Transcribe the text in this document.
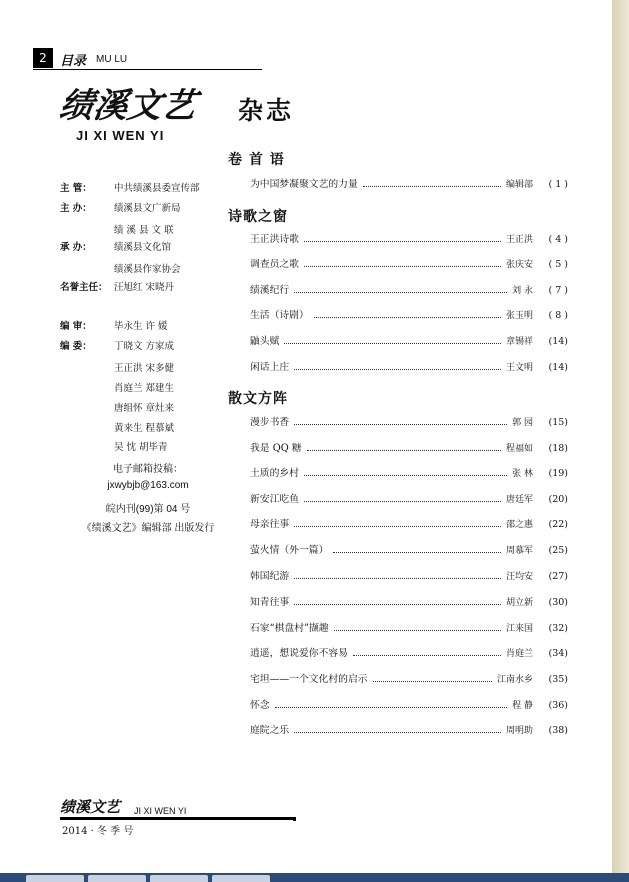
2	目录 MU LU
绩溪文艺 杂志
JI XI WEN YI
主 管： 中共绩溪县委宣传部
主 办： 绩溪县文广新局
绩 溪 县 文 联
承 办： 绩溪县文化馆
绩溪县作家协会
名誉主任： 汪旭红 宋晓丹
编 审： 毕永生 许 媛
编 委： 丁晓文 方家成
王正洪 宋多健
肖庭兰 郑建生
唐组怀 章灶来
黄来生 程慕斌
吴 忱 胡毕青
电子邮箱投稿：
jxwybjb@163.com
皖内刊(99)第 04 号
《绩溪文艺》编辑部 出版发行
卷 首 语
为中国梦凝聚文艺的力量	编辑部	( 1 )
诗歌之窗
王正洪诗歌	王正洪	( 4 )
调查员之歌	张庆安	( 5 )
绩溪纪行	刘 永	( 7 )
生活（诗剧）	张玉明	( 8 )
鼬头赋	章锡祥	(14)
闲话上庄	王文明	(14)
散文方阵
漫步书香	郭 园	(15)
我是 QQ 糖	程福如	(18)
土质的乡村	张 林	(19)
新安江吃鱼	唐廷军	(20)
母亲往事	邵之惠	(22)
萤火情（外一篇）	周慕军	(25)
韩国纪游	汪均安	(27)
知青往事	胡立新	(30)
石家“棋盘村”撷趣	江来国	(32)
逍遥，想说爱你不容易	肖庭兰	(34)
宅坦——一个文化村的启示	江南水乡	(35)
怀念	程 静	(36)
庭院之乐	周明助	(38)
绩溪文艺 JI XI WEN YI
2014 · 冬 季 号
